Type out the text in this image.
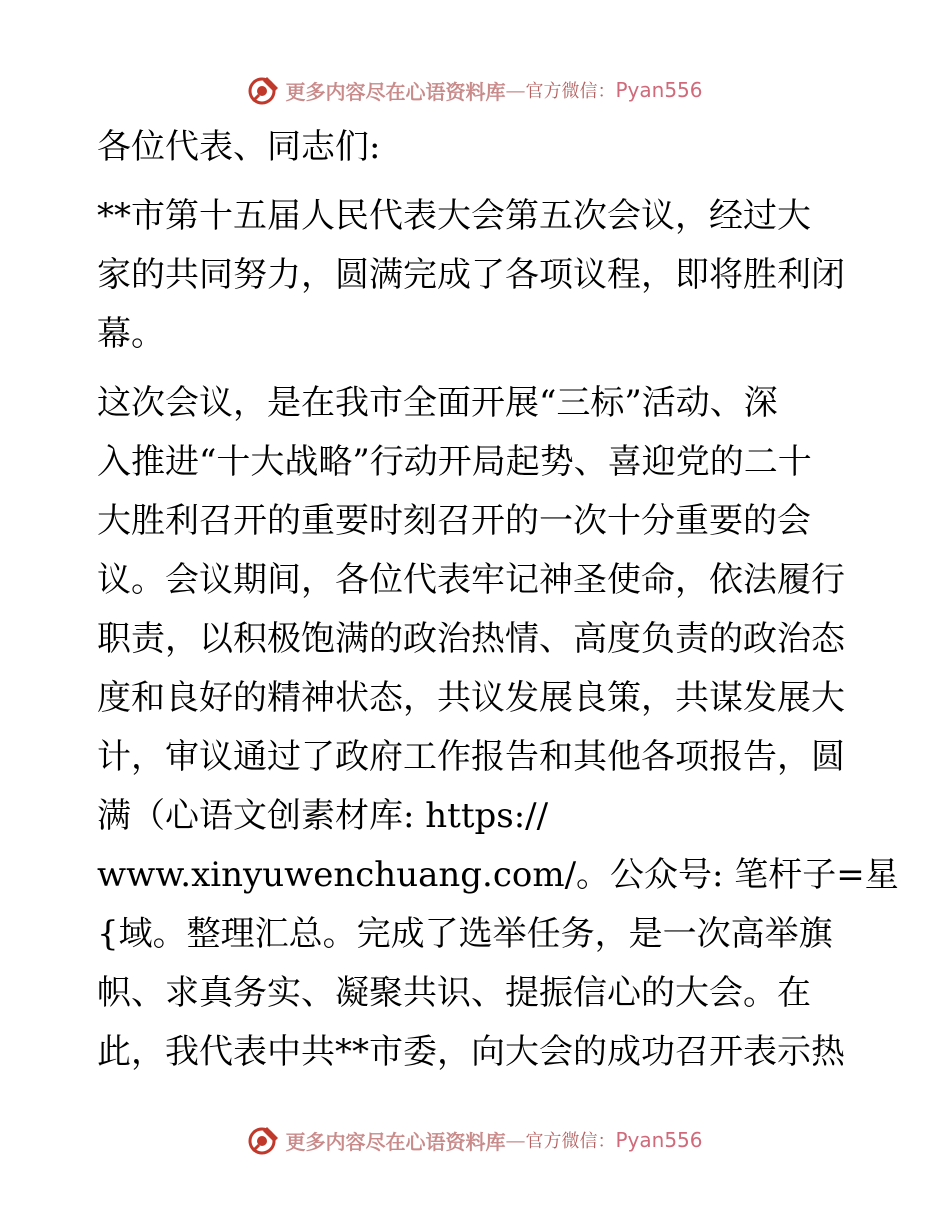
更多内容尽在心语资料库 — 官方微信： Pyan556

各位代表、同志们:

**市第十五届人民代表大会第五次会议，经过大
家的共同努力，圆满完成了各项议程，即将胜利闭
幕。

这次会议，是在我市全面开展“三标”活动、深
入推进“十大战略”行动开局起势、喜迎党的二十
大胜利召开的重要时刻召开的一次十分重要的会
议。会议期间，各位代表牢记神圣使命，依法履行
职责，以积极饱满的政治热情、高度负责的政治态
度和良好的精神状态，共议发展良策，共谋发展大
计，审议通过了政府工作报告和其他各项报告，圆
满（心语文创素材库: https://
www.xinyuwenchuang.com/。公众号: 笔杆子=星
{域。整理汇总。完成了选举任务，是一次高举旗
帜、求真务实、凝聚共识、提振信心的大会。在
此，我代表中共**市委，向大会的成功召开表示热

更多内容尽在心语资料库 — 官方微信： Pyan556
